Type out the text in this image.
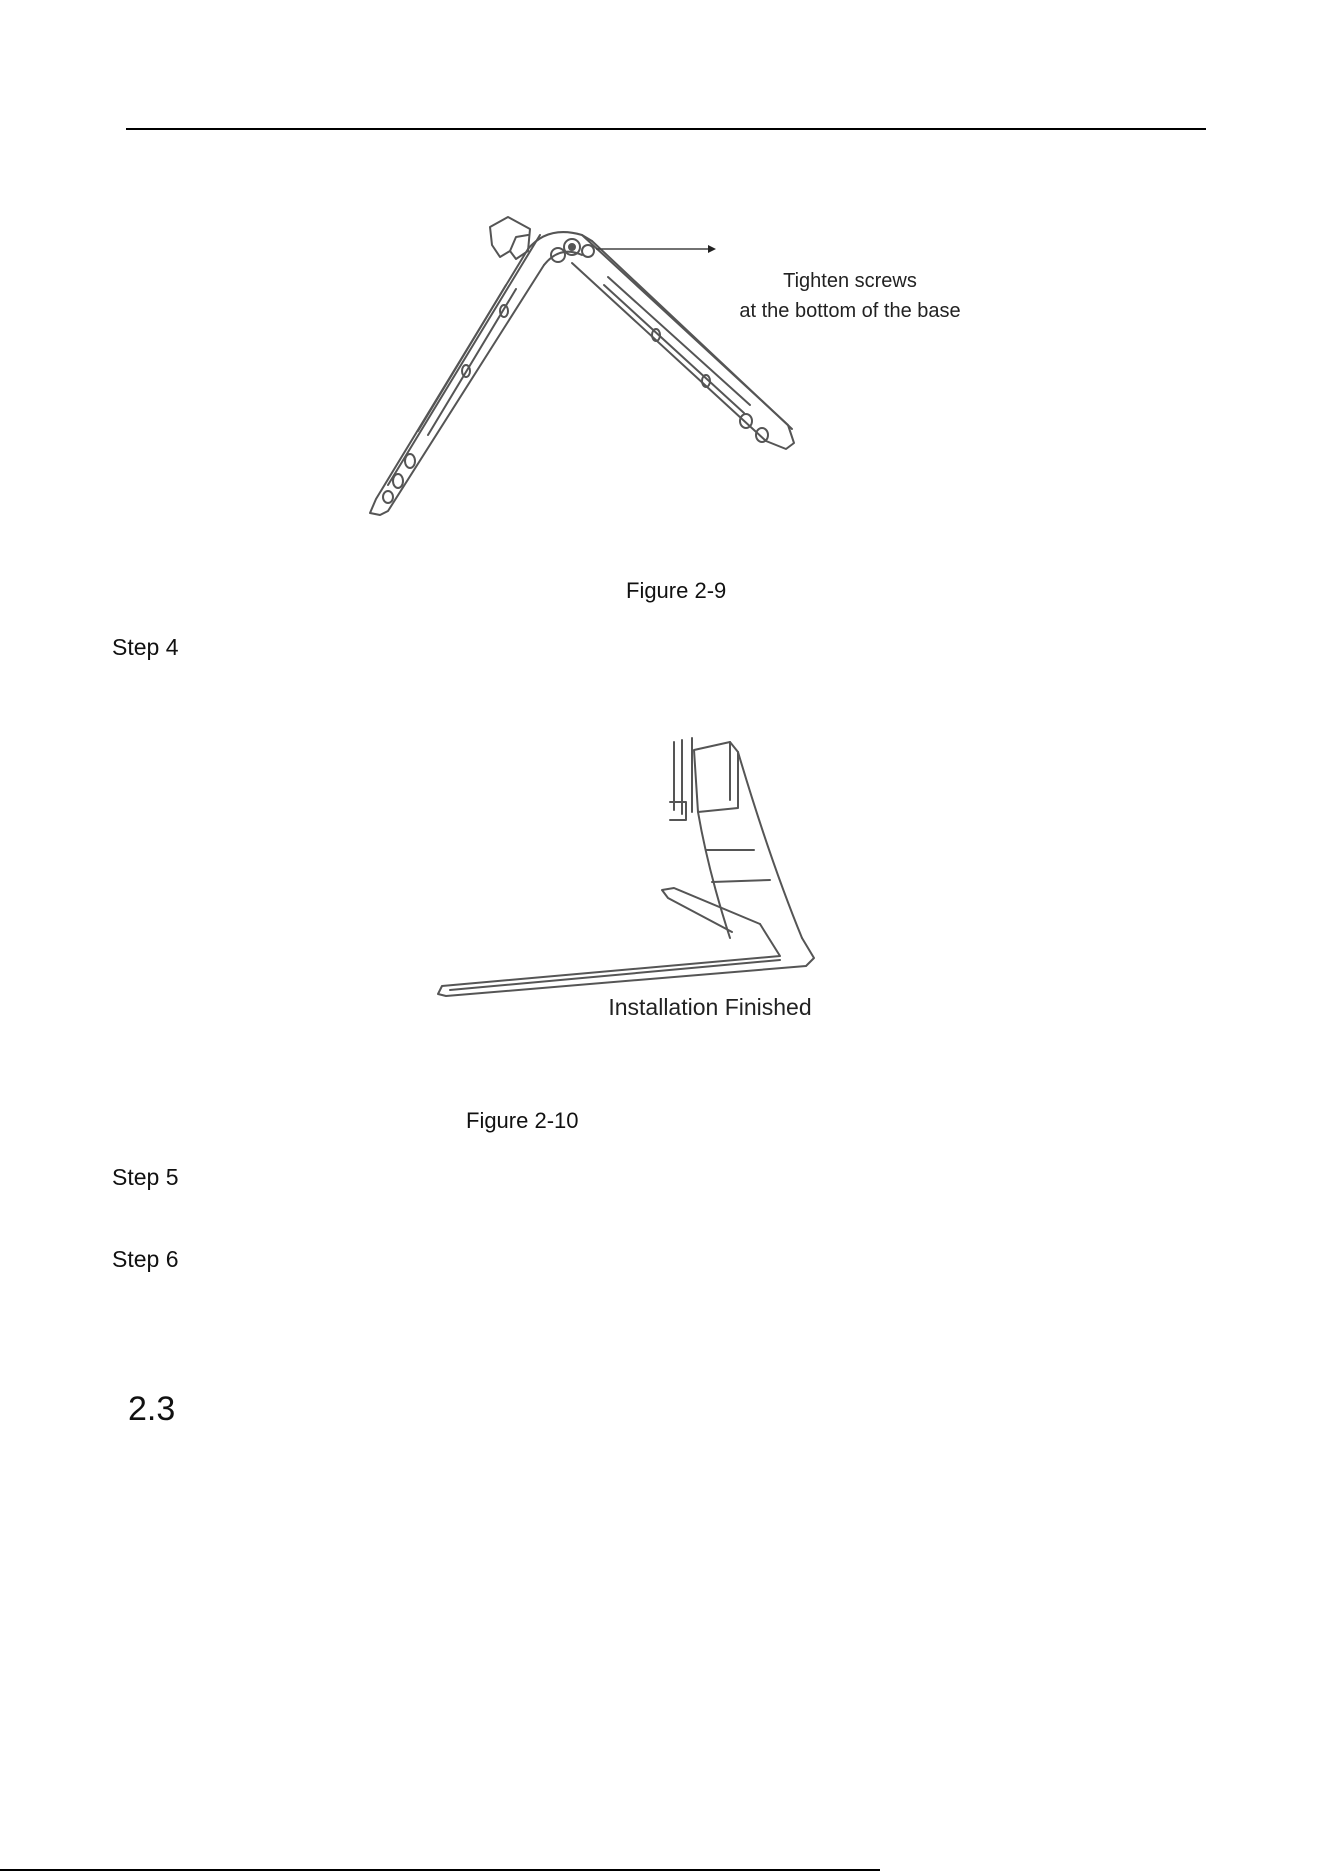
Tighten screws
at the bottom of the base
Figure 2-9
Step 4
Installation Finished
Figure 2-10
Step 5
Step 6
2.3
